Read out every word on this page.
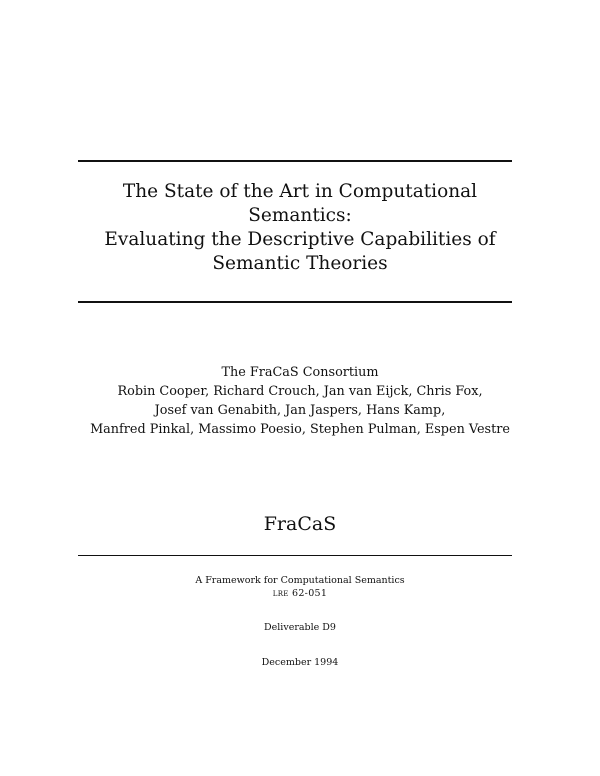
The State of the Art in Computational
Semantics:
Evaluating the Descriptive Capabilities of
Semantic Theories
The FraCaS Consortium
Robin Cooper, Richard Crouch, Jan van Eijck, Chris Fox,
Josef van Genabith, Jan Jaspers, Hans Kamp,
Manfred Pinkal, Massimo Poesio, Stephen Pulman, Espen Vestre
FraCaS
A Framework for Computational Semantics
lre 62-051
Deliverable D9
December 1994
